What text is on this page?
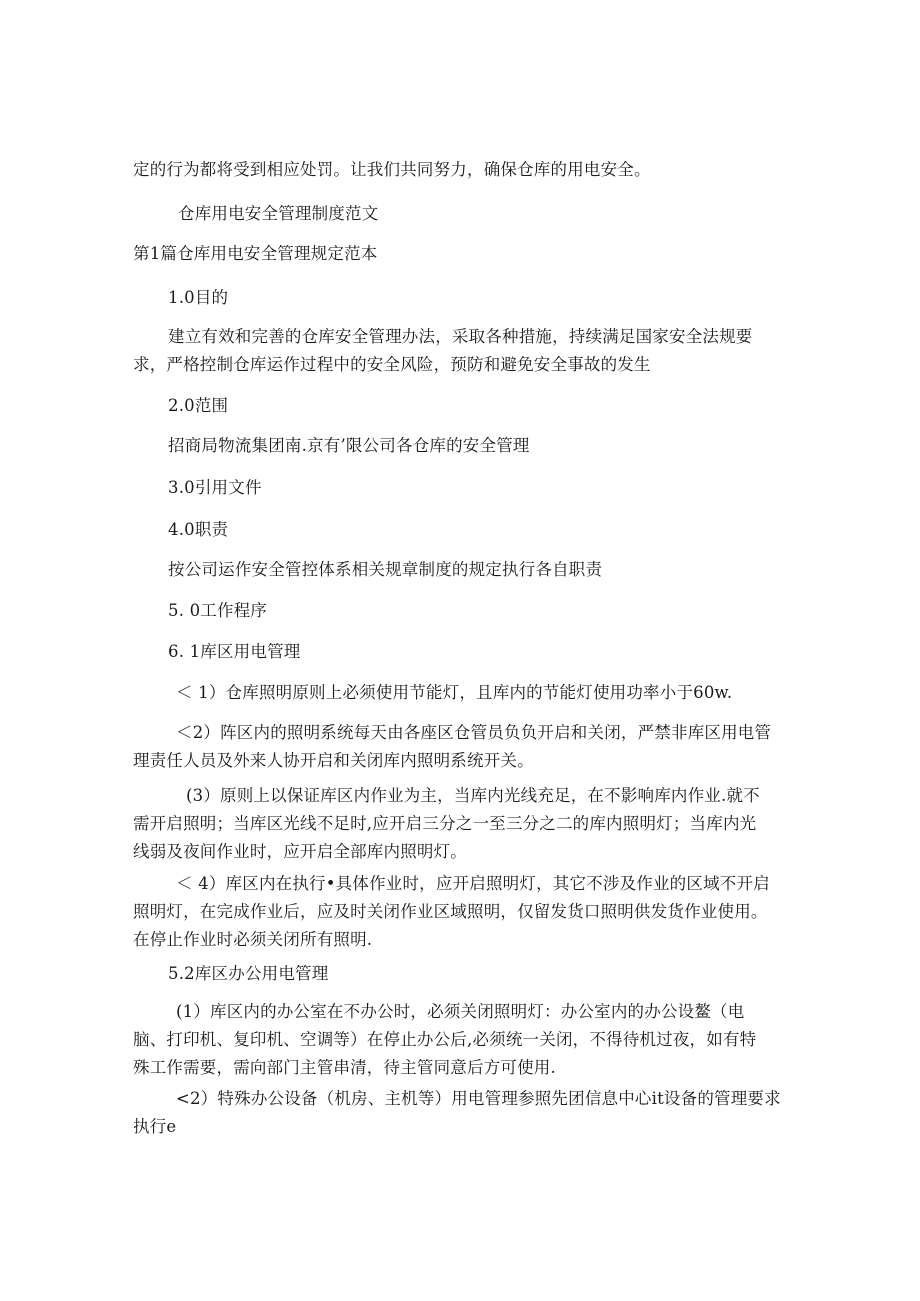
定的行为都将受到相应处罚。让我们共同努力，确保仓库的用电安全。
仓库用电安全管理制度范文
第1篇仓库用电安全管理规定范本
1.0目的
建立有效和完善的仓库安全管理办法，采取各种措施，持续满足国家安全法规要
求，严格控制仓库运作过程中的安全风险，预防和避免安全事故的发生
2.0范围
招商局物流集团南.京有’限公司各仓库的安全管理
3.0引用文件
4.0职责
按公司运作安全管控体系相关规章制度的规定执行各自职责
5. 0工作程序
6. 1库区用电管理
＜ 1）仓库照明原则上必须使用节能灯，且库内的节能灯使用功率小于60w.
＜2）阵区内的照明系统每天由各座区仓管员负负开启和关闭，严禁非库区用电管
理责任人员及外来人协开启和关闭库内照明系统开关。
(3）原则上以保证库区内作业为主，当库内光线充足，在不影响库内作业.就不
需开启照明；当库区光线不足时,应开启三分之一至三分之二的库内照明灯；当库内光
线弱及夜间作业时，应开启全部库内照明灯。
＜ 4）库区内在执行•具体作业时，应开启照明灯，其它不涉及作业的区域不开启
照明灯，在完成作业后，应及时关闭作业区域照明，仅留发货口照明供发货作业使用。
在停止作业时必须关闭所有照明.
5.2库区办公用电管理
(1）库区内的办公室在不办公时，必须关闭照明灯：办公室内的办公设鳌（电
脑、打印机、复印机、空调等）在停止办公后,必须统一关闭，不得待机过夜，如有特
殊工作需要，需向部门主管串清，待主管同意后方可使用.
<2）特殊办公设备（机房、主机等）用电管理参照先团信息中心it设备的管理要求
执行e
